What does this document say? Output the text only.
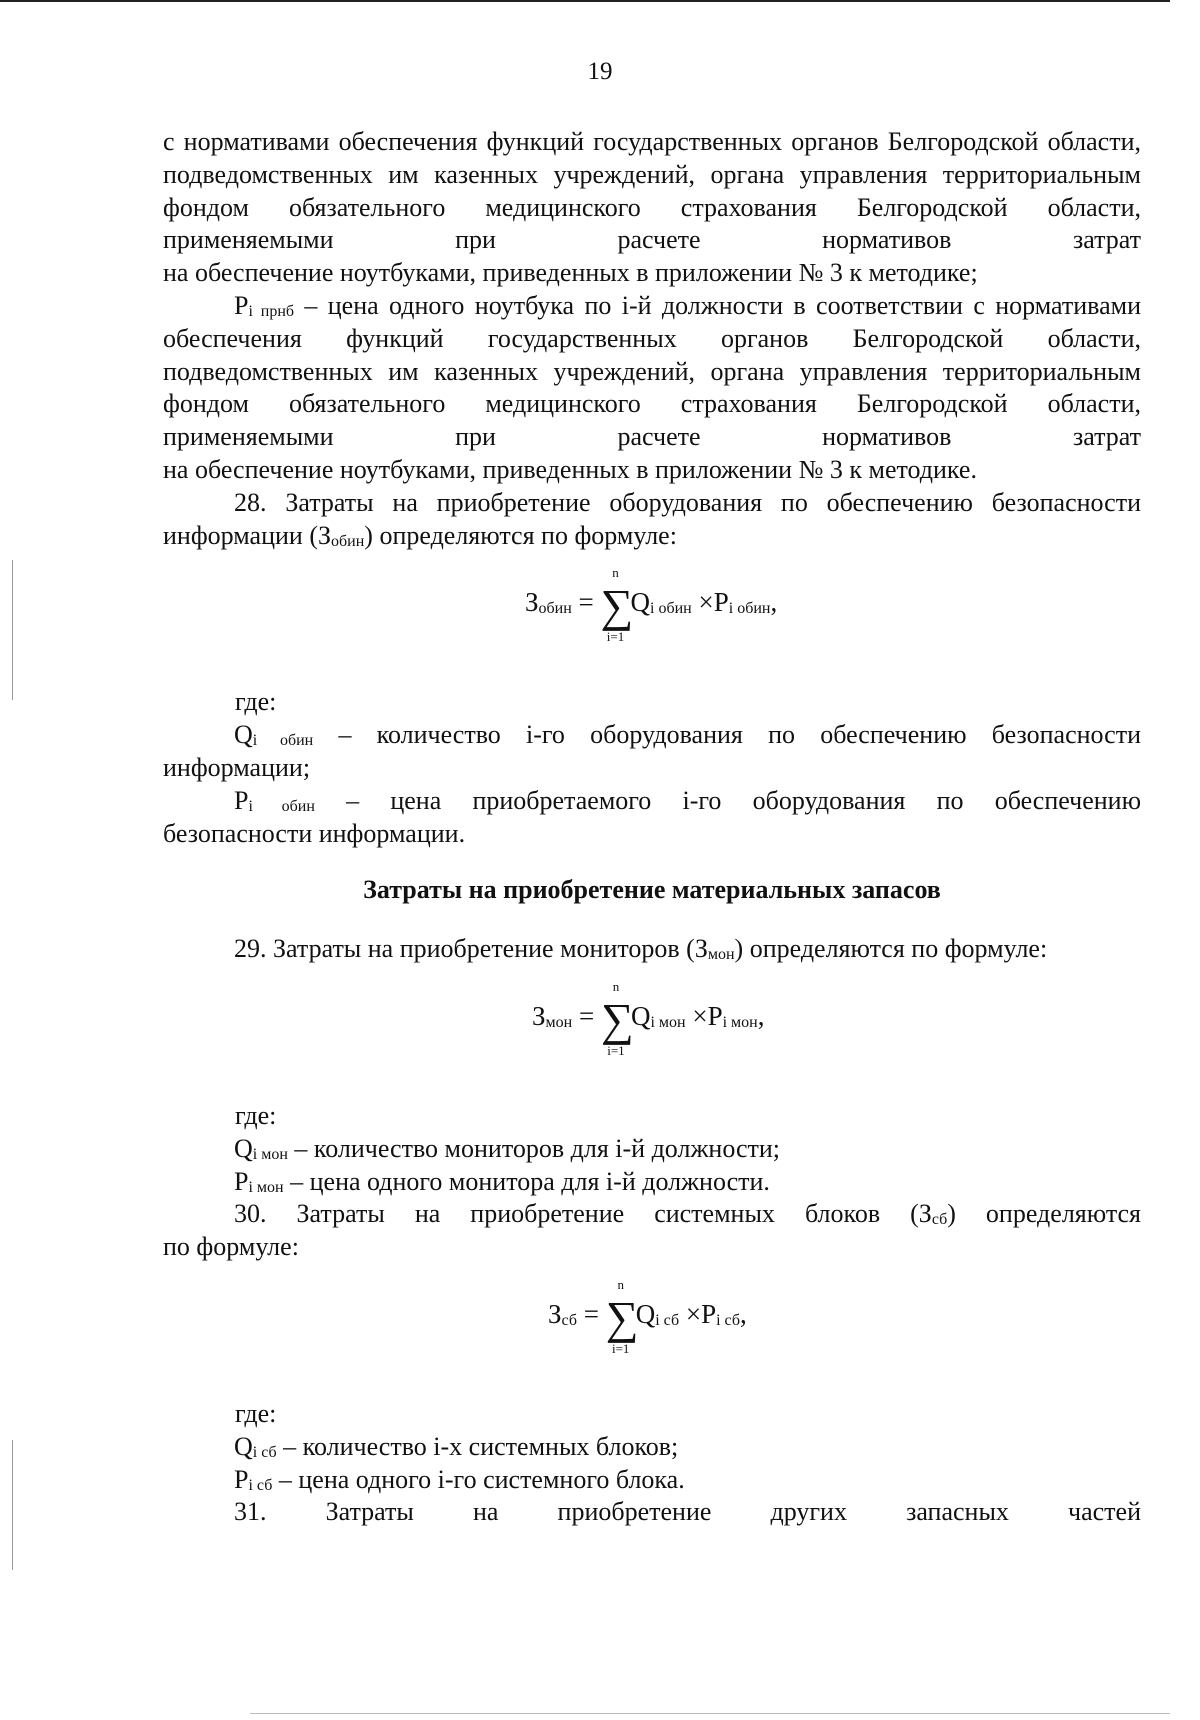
19

с нормативами обеспечения функций государственных органов Белгородской области, подведомственных им казенных учреждений, органа управления территориальным фондом обязательного медицинского страхования Белгородской области, применяемыми при расчете нормативов затрат

на обеспечение ноутбуками, приведенных в приложении № 3 к методике;

$P_{i прнб}$ – цена одного ноутбука по i-й должности в соответствии с нормативами обеспечения функций государственных органов Белгородской области, подведомственных им казенных учреждений, органа управления территориальным фондом обязательного медицинского страхования Белгородской области, применяемыми при расчете нормативов затрат

на обеспечение ноутбуками, приведенных в приложении № 3 к методике.

28. Затраты на приобретение оборудования по обеспечению безопасности

информации $(З_{обин})$ определяются по формуле:

$З_{обин}$ = ∑
n
i=1
$Q_{i обин} \times P_{i обин}$,

где:

$Q_{i обин}$ – количество i-го оборудования по обеспечению безопасности

информации;

$P_{i обин}$ – цена приобретаемого i-го оборудования по обеспечению

безопасности информации.

Затраты на приобретение материальных запасов

29. Затраты на приобретение мониторов $(З_{мон})$ определяются по формуле:

$З_{мон}$ = ∑
n
i=1
$Q_{i мон} \times P_{i мон}$,

где:

$Q_{i мон}$ – количество мониторов для i-й должности;

$P_{i мон}$ – цена одного монитора для i-й должности.

30. Затраты на приобретение системных блоков $(З_{сб})$ определяются

по формуле:

$З_{сб}$ = ∑
n
i=1
$Q_{i сб} \times P_{i сб}$,

где:

$Q_{i сб}$ – количество i-х системных блоков;

$P_{i сб}$ – цена одного i-го системного блока.

31. Затраты на приобретение других запасных частей
